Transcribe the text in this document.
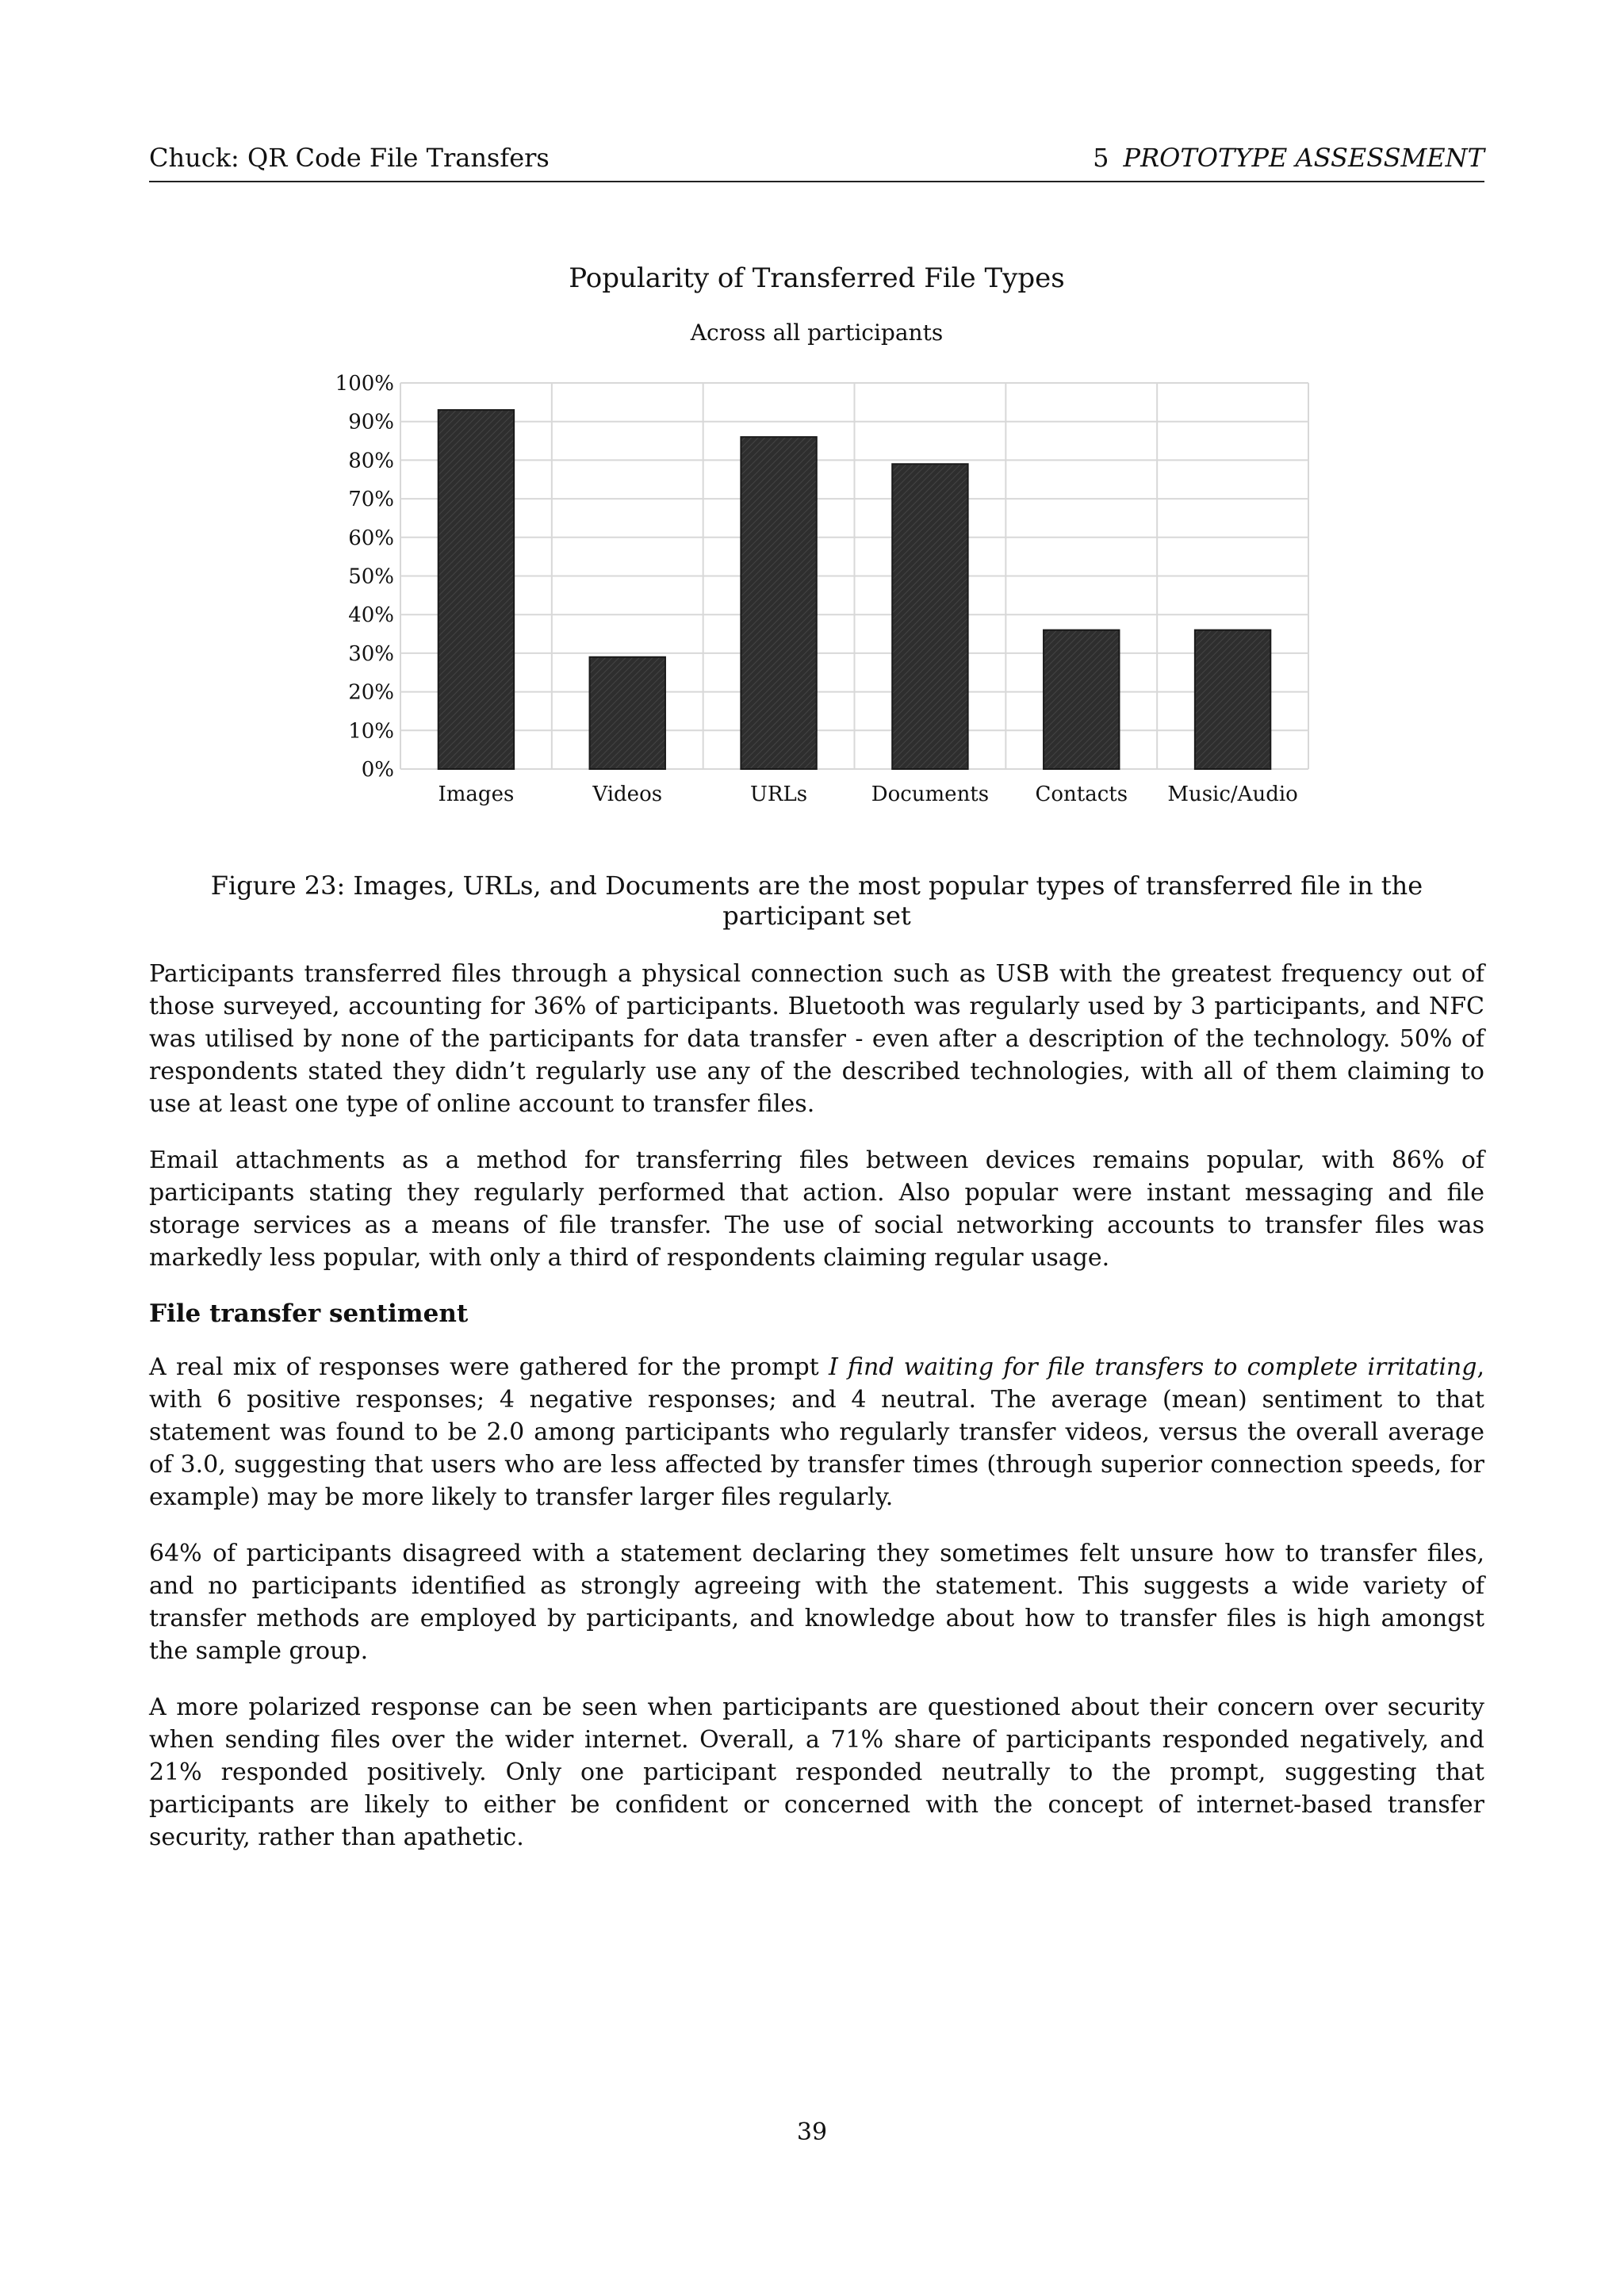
Chuck: QR Code File Transfers	5 PROTOTYPE ASSESSMENT
Popularity of Transferred File Types
Across all participants
0%
10%
20%
30%
40%
50%
60%
70%
80%
90%
100%
Images	Videos	URLs	Documents Contacts Music/Audio
Figure 23: Images, URLs, and Documents are the most popular types of transferred file in the participant set

Participants transferred files through a physical connection such as USB with the greatest frequency out of those surveyed, accounting for 36% of participants. Bluetooth was regularly used by 3 participants, and NFC was utilised by none of the participants for data transfer - even after a description of the technology. 50% of respondents stated they didn’t regularly use any of the described technologies, with all of them claiming to use at least one type of online account to transfer files.

Email attachments as a method for transferring files between devices remains popular, with 86% of participants stating they regularly performed that action. Also popular were instant messaging and file storage services as a means of file transfer. The use of social networking accounts to transfer files was markedly less popular, with only a third of respondents claiming regular usage.

File transfer sentiment

A real mix of responses were gathered for the prompt I find waiting for file transfers to complete irritating, with 6 positive responses; 4 negative responses; and 4 neutral. The average (mean) sentiment to that statement was found to be 2.0 among participants who regularly transfer videos, versus the overall average of 3.0, suggesting that users who are less affected by transfer times (through superior connection speeds, for example) may be more likely to transfer larger files regularly.

64% of participants disagreed with a statement declaring they sometimes felt unsure how to transfer files, and no participants identified as strongly agreeing with the statement. This suggests a wide variety of transfer methods are employed by participants, and knowledge about how to transfer files is high amongst the sample group.

A more polarized response can be seen when participants are questioned about their concern over security when sending files over the wider internet. Overall, a 71% share of participants responded negatively, and 21% responded positively. Only one participant responded neutrally to the prompt, suggesting that participants are likely to either be confident or concerned with the concept of internet-based transfer security, rather than apathetic.

39
